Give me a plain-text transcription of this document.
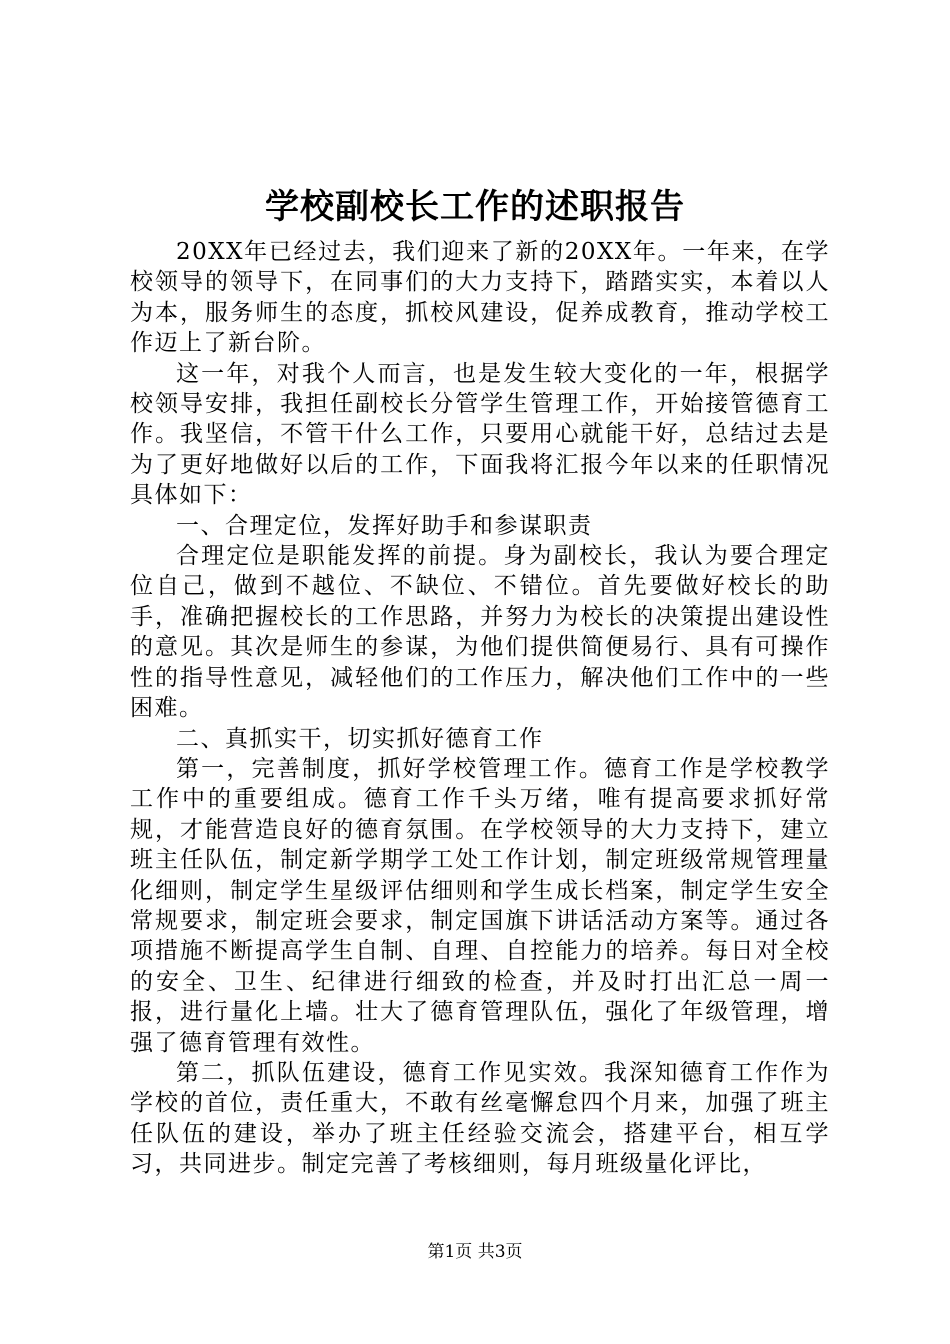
学校副校长工作的述职报告

20XX年已经过去，我们迎来了新的20XX年。一年来，在学校领导的领导下，在同事们的大力支持下，踏踏实实，本着以人为本，服务师生的态度，抓校风建设，促养成教育，推动学校工作迈上了新台阶。

这一年，对我个人而言，也是发生较大变化的一年，根据学校领导安排，我担任副校长分管学生管理工作，开始接管德育工作。我坚信，不管干什么工作，只要用心就能干好，总结过去是为了更好地做好以后的工作，下面我将汇报今年以来的任职情况具体如下：

一、合理定位，发挥好助手和参谋职责

合理定位是职能发挥的前提。身为副校长，我认为要合理定位自己，做到不越位、不缺位、不错位。首先要做好校长的助手，准确把握校长的工作思路，并努力为校长的决策提出建设性的意见。其次是师生的参谋，为他们提供简便易行、具有可操作性的指导性意见，减轻他们的工作压力，解决他们工作中的一些困难。

二、真抓实干，切实抓好德育工作

第一，完善制度，抓好学校管理工作。德育工作是学校教学工作中的重要组成。德育工作千头万绪，唯有提高要求抓好常规，才能营造良好的德育氛围。在学校领导的大力支持下，建立班主任队伍，制定新学期学工处工作计划，制定班级常规管理量化细则，制定学生星级评估细则和学生成长档案，制定学生安全常规要求，制定班会要求，制定国旗下讲话活动方案等。通过各项措施不断提高学生自制、自理、自控能力的培养。每日对全校的安全、卫生、纪律进行细致的检查，并及时打出汇总一周一报，进行量化上墙。壮大了德育管理队伍，强化了年级管理，增强了德育管理有效性。

第二，抓队伍建设，德育工作见实效。我深知德育工作作为学校的首位，责任重大，不敢有丝毫懈怠四个月来，加强了班主任队伍的建设，举办了班主任经验交流会，搭建平台，相互学习，共同进步。制定完善了考核细则，每月班级量化评比，

第1页 共3页
